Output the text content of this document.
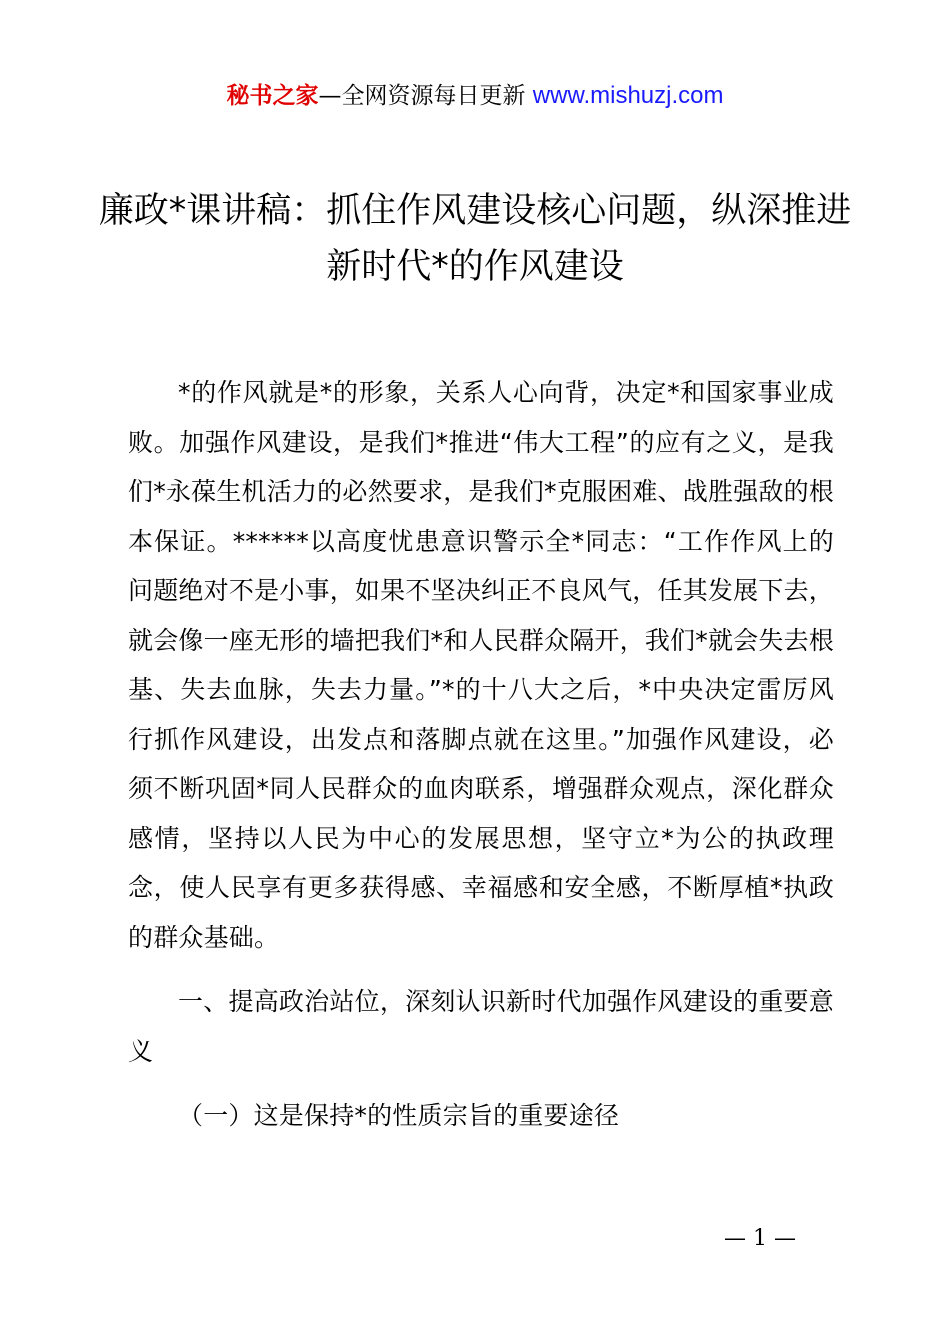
秘书之家—全网资源每日更新 www.mishuzj.com
廉政*课讲稿：抓住作风建设核心问题，纵深推进新时代*的作风建设

*的作风就是*的形象，关系人心向背，决定*和国家事业成败。加强作风建设，是我们*推进“伟大工程”的应有之义，是我们*永葆生机活力的必然要求，是我们*克服困难、战胜强敌的根本保证。******以高度忧患意识警示全*同志：“工作作风上的问题绝对不是小事，如果不坚决纠正不良风气，任其发展下去，就会像一座无形的墙把我们*和人民群众隔开，我们*就会失去根基、失去血脉，失去力量。”*的十八大之后，*中央决定雷厉风行抓作风建设，出发点和落脚点就在这里。”加强作风建设，必须不断巩固*同人民群众的血肉联系，增强群众观点，深化群众感情，坚持以人民为中心的发展思想，坚守立*为公的执政理念，使人民享有更多获得感、幸福感和安全感，不断厚植*执政的群众基础。

一、提高政治站位，深刻认识新时代加强作风建设的重要意义

（一）这是保持*的性质宗旨的重要途径

— 1 —
